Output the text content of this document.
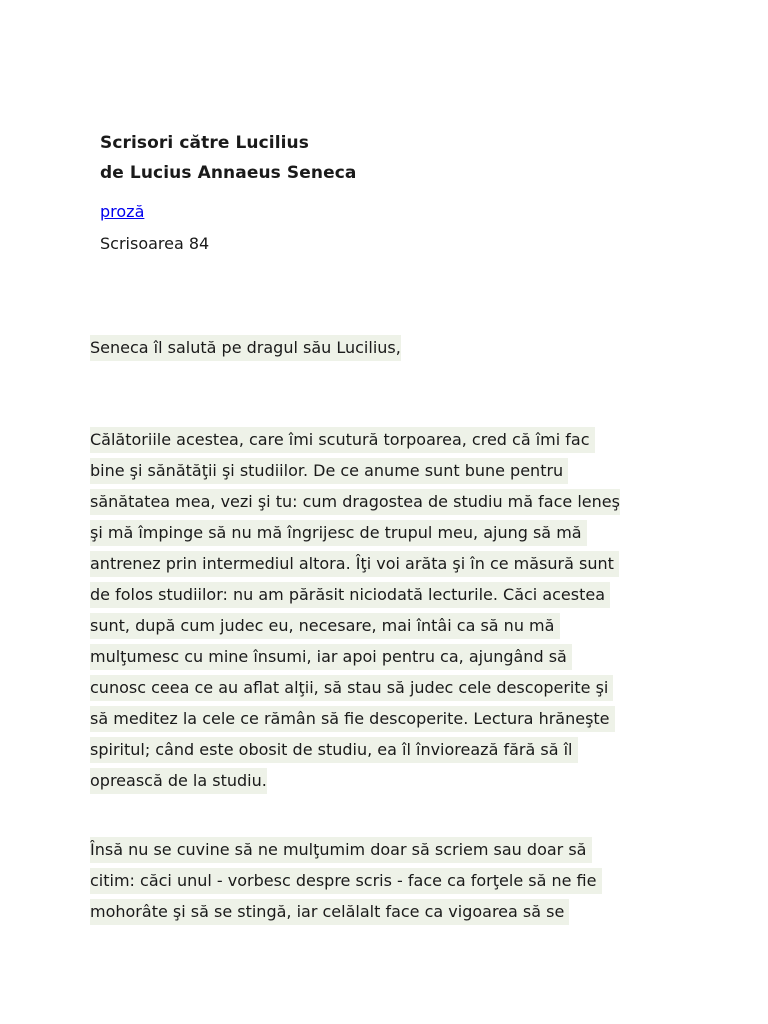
Scrisori către Lucilius

de Lucius Annaeus Seneca

proză
Scrisoarea 84
Seneca îl salută pe dragul său Lucilius,
Călătoriile acestea, care îmi scutură torpoarea, cred că îmi fac
bine şi sănătăţii şi studiilor. De ce anume sunt bune pentru
sănătatea mea, vezi şi tu: cum dragostea de studiu mă face leneş
şi mă împinge să nu mă îngrijesc de trupul meu, ajung să mă
antrenez prin intermediul altora. Îţi voi arăta şi în ce măsură sunt
de folos studiilor: nu am părăsit niciodată lecturile. Căci acestea
sunt, după cum judec eu, necesare, mai întâi ca să nu mă
mulţumesc cu mine însumi, iar apoi pentru ca, ajungând să
cunosc ceea ce au aflat alţii, să stau să judec cele descoperite şi
să meditez la cele ce rămân să fie descoperite. Lectura hrăneşte
spiritul; când este obosit de studiu, ea îl înviorează fără să îl
oprească de la studiu.
Însă nu se cuvine să ne mulţumim doar să scriem sau doar să
citim: căci unul - vorbesc despre scris - face ca forţele să ne fie
mohorâte şi să se stingă, iar celălalt face ca vigoarea să se
